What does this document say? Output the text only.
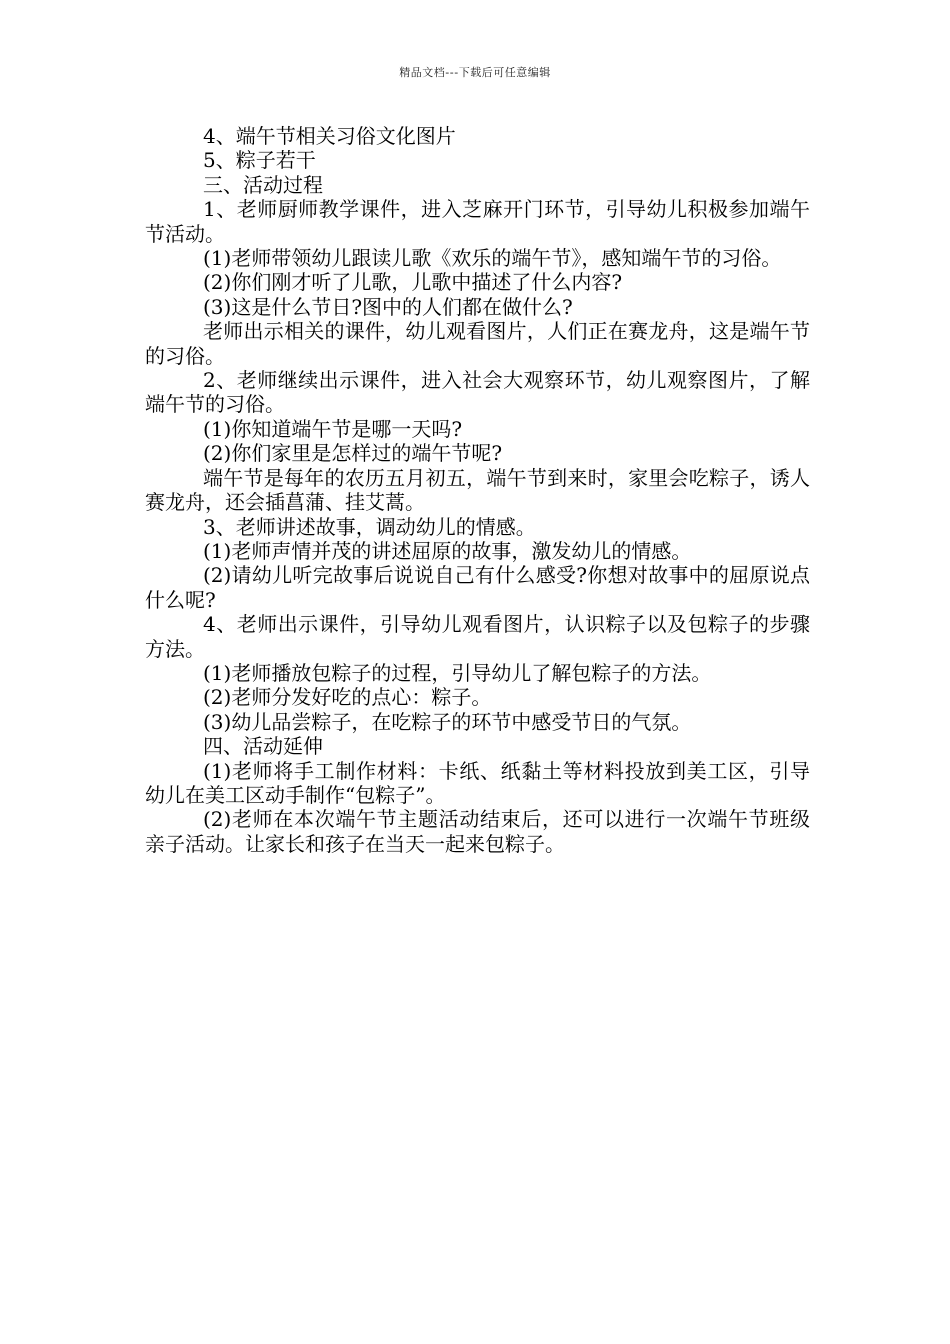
精品文档---下载后可任意编辑

4、端午节相关习俗文化图片

5、粽子若干

三、活动过程

1、老师厨师教学课件，进入芝麻开门环节，引导幼儿积极参加端午节活动。

(1)老师带领幼儿跟读儿歌《欢乐的端午节》，感知端午节的习俗。

(2)你们刚才听了儿歌，儿歌中描述了什么内容?

(3)这是什么节日?图中的人们都在做什么?

老师出示相关的课件，幼儿观看图片，人们正在赛龙舟，这是端午节的习俗。

2、老师继续出示课件，进入社会大观察环节，幼儿观察图片，了解端午节的习俗。

(1)你知道端午节是哪一天吗?

(2)你们家里是怎样过的端午节呢?

端午节是每年的农历五月初五，端午节到来时，家里会吃粽子，诱人赛龙舟，还会插菖蒲、挂艾蒿。

3、老师讲述故事，调动幼儿的情感。

(1)老师声情并茂的讲述屈原的故事，激发幼儿的情感。

(2)请幼儿听完故事后说说自己有什么感受?你想对故事中的屈原说点什么呢?

4、老师出示课件，引导幼儿观看图片，认识粽子以及包粽子的步骤方法。

(1)老师播放包粽子的过程，引导幼儿了解包粽子的方法。

(2)老师分发好吃的点心：粽子。

(3)幼儿品尝粽子，在吃粽子的环节中感受节日的气氛。

四、活动延伸

(1)老师将手工制作材料：卡纸、纸黏土等材料投放到美工区，引导幼儿在美工区动手制作“包粽子”。

(2)老师在本次端午节主题活动结束后，还可以进行一次端午节班级亲子活动。让家长和孩子在当天一起来包粽子。
